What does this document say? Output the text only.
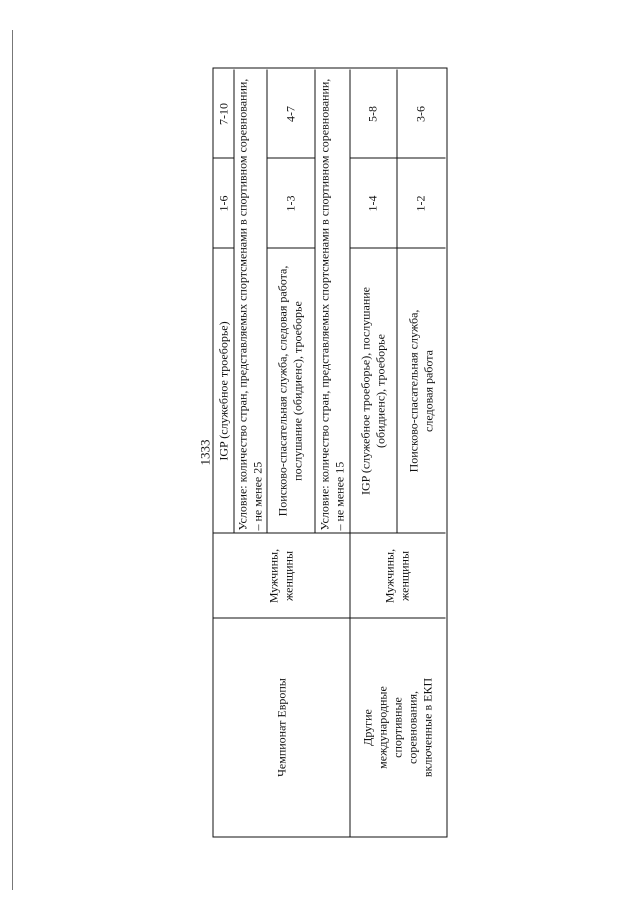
1333
Чемпионат Европы
Мужчины, женщины
IGP (служебное троеборье)
1-6
7-10 Условие: количество стран, представляемых спортсменами в спортивном соревновании, – не менее 25 Поисково-спасательная служба, следовая работа, послушание (обидиенс), троеборье
1-3
4-7	Условие: количество стран, представляемых спортсменами в спортивном соревновании, – не менее 15
Другие международные спортивные соревнования, включенные в ЕКП
Мужчины, женщины
IGP (служебное троеборье), послушание (обидиенс), троеборье
1-4
5-8
Поисково-спасательная служба, следовая работа
1-2
3-6
